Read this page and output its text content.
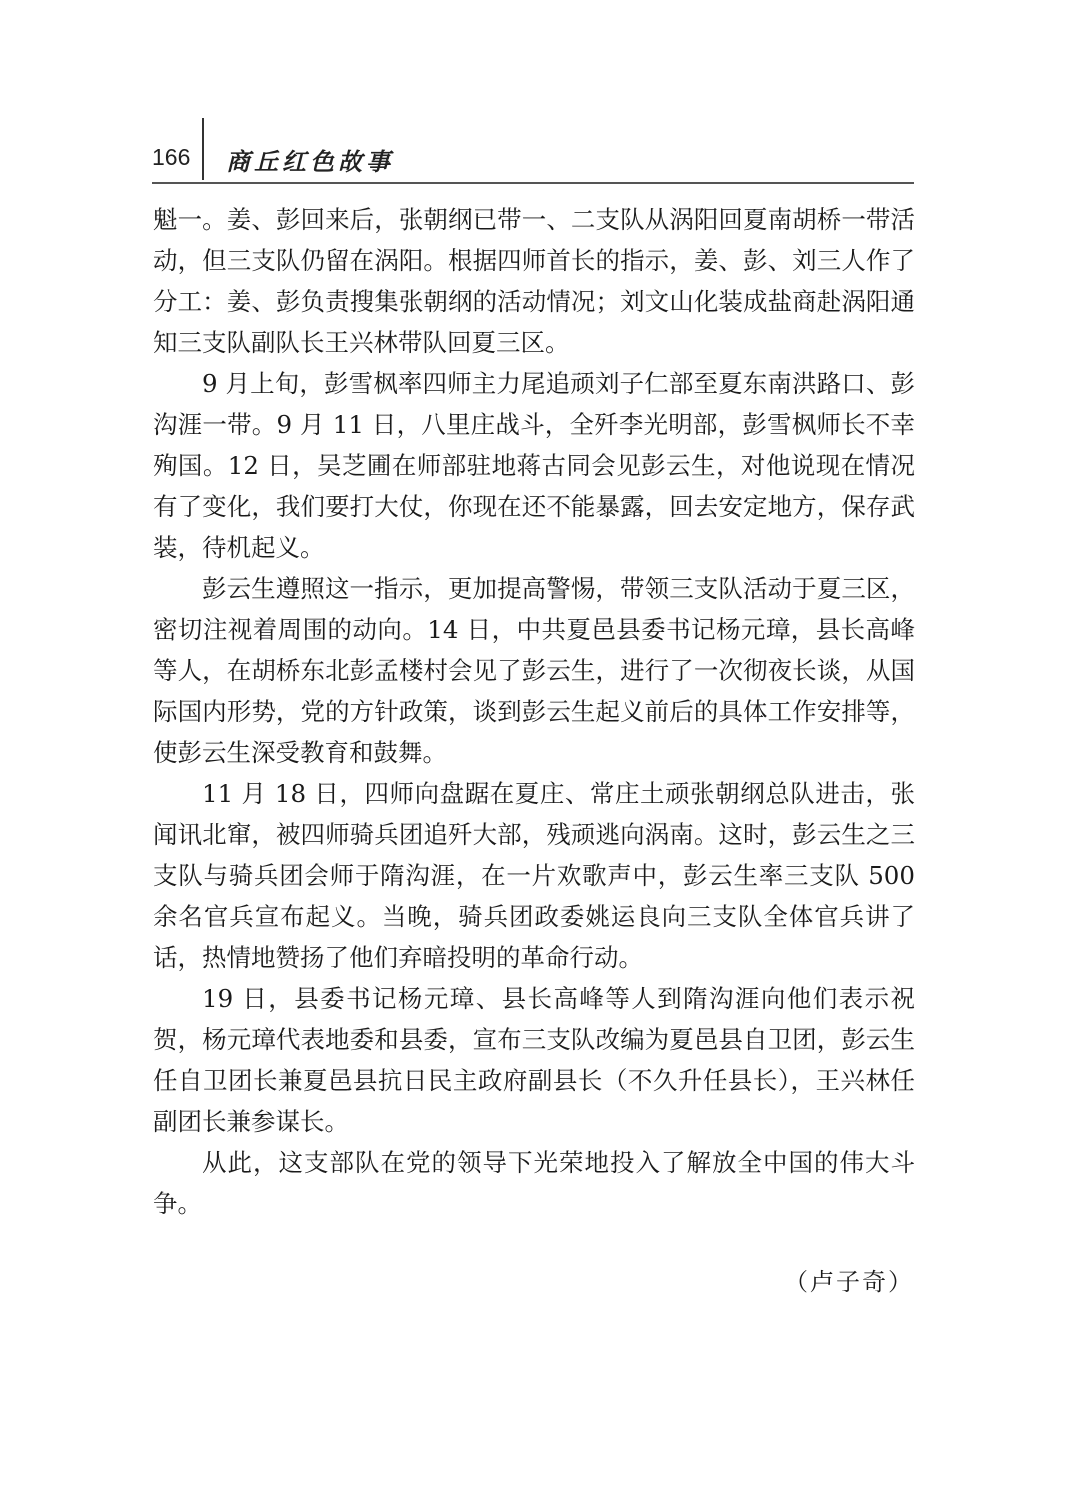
166 商丘红色故事

魁一。姜、彭回来后，张朝纲已带一、二支队从涡阳回夏南胡桥一带活动，但三支队仍留在涡阳。根据四师首长的指示，姜、彭、刘三人作了分工：姜、彭负责搜集张朝纲的活动情况；刘文山化装成盐商赴涡阳通知三支队副队长王兴林带队回夏三区。

9 月上旬，彭雪枫率四师主力尾追顽刘子仁部至夏东南洪路口、彭沟涯一带。9 月 11 日，八里庄战斗，全歼李光明部，彭雪枫师长不幸殉国。12 日，吴芝圃在师部驻地蒋古同会见彭云生，对他说现在情况有了变化，我们要打大仗，你现在还不能暴露，回去安定地方，保存武装，待机起义。

彭云生遵照这一指示，更加提高警惕，带领三支队活动于夏三区，密切注视着周围的动向。14 日，中共夏邑县委书记杨元璋，县长高峰等人，在胡桥东北彭孟楼村会见了彭云生，进行了一次彻夜长谈，从国际国内形势，党的方针政策，谈到彭云生起义前后的具体工作安排等，使彭云生深受教育和鼓舞。

11 月 18 日，四师向盘踞在夏庄、常庄土顽张朝纲总队进击，张闻讯北窜，被四师骑兵团追歼大部，残顽逃向涡南。这时，彭云生之三支队与骑兵团会师于隋沟涯，在一片欢歌声中，彭云生率三支队 500 余名官兵宣布起义。当晚，骑兵团政委姚运良向三支队全体官兵讲了话，热情地赞扬了他们弃暗投明的革命行动。

19 日，县委书记杨元璋、县长高峰等人到隋沟涯向他们表示祝贺，杨元璋代表地委和县委，宣布三支队改编为夏邑县自卫团，彭云生任自卫团长兼夏邑县抗日民主政府副县长（不久升任县长），王兴林任副团长兼参谋长。

从此，这支部队在党的领导下光荣地投入了解放全中国的伟大斗争。

（卢子奇）
